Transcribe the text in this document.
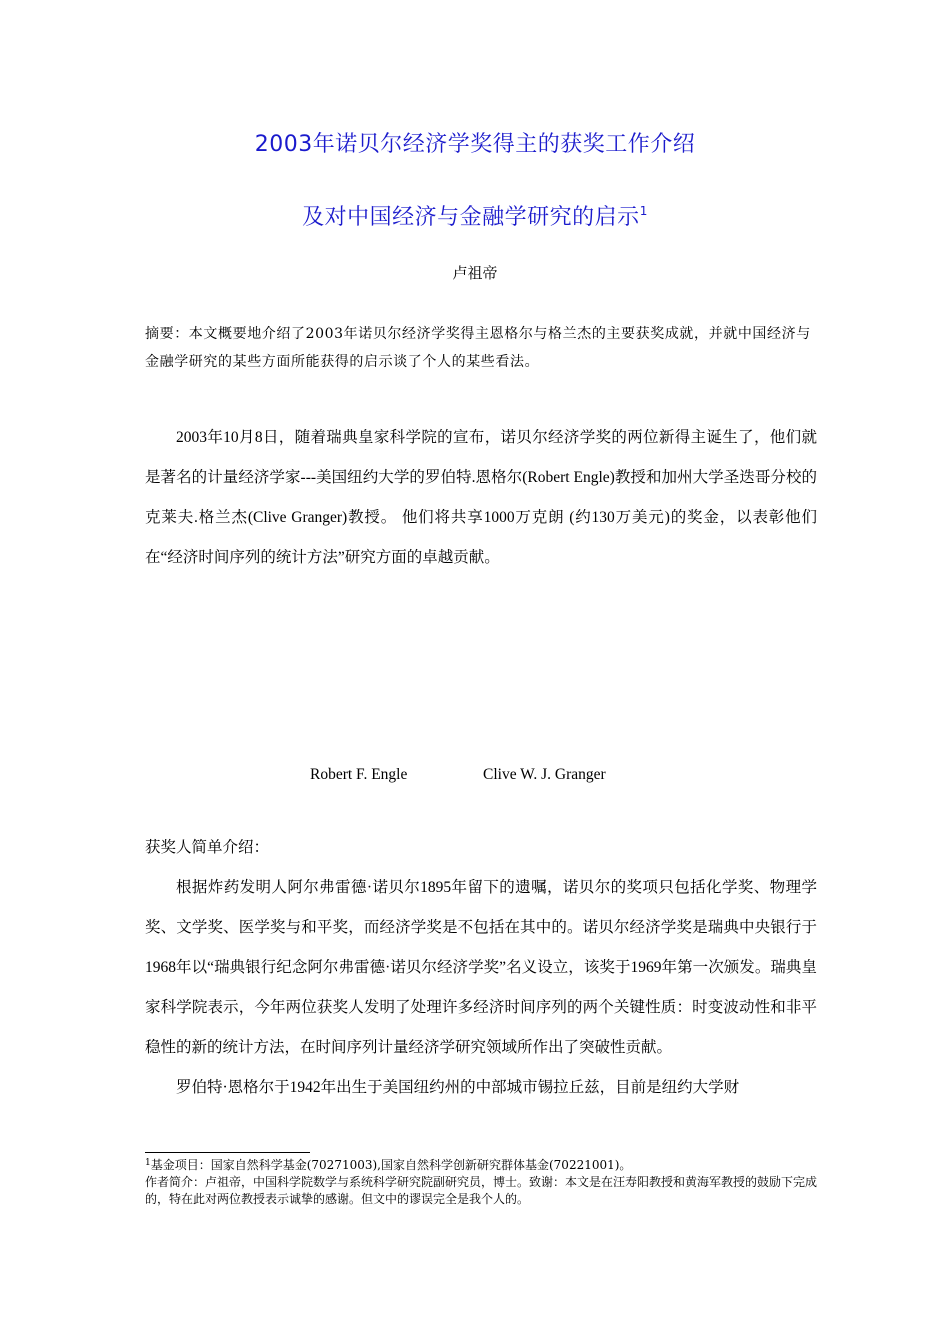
2003年诺贝尔经济学奖得主的获奖工作介绍
及对中国经济与金融学研究的启示$^1$
卢祖帝
摘要：本文概要地介绍了2003年诺贝尔经济学奖得主恩格尔与格兰杰的主要获奖成就，并就中国经济与金融学研究的某些方面所能获得的启示谈了个人的某些看法。

2003年10月8日，随着瑞典皇家科学院的宣布，诺贝尔经济学奖的两位新得主诞生了，他们就是著名的计量经济学家---美国纽约大学的罗伯特.恩格尔(Robert Engle)教授和加州大学圣迭哥分校的克莱夫.格兰杰(Clive Granger)教授。 他们将共享1000万克朗 (约130万美元)的奖金，以表彰他们在“经济时间序列的统计方法”研究方面的卓越贡献。

Robert F. Engle	Clive W. J. Granger

获奖人简单介绍：

根据炸药发明人阿尔弗雷德·诺贝尔1895年留下的遗嘱，诺贝尔的奖项只包括化学奖、物理学奖、文学奖、医学奖与和平奖，而经济学奖是不包括在其中的。诺贝尔经济学奖是瑞典中央银行于1968年以“瑞典银行纪念阿尔弗雷德·诺贝尔经济学奖”名义设立，该奖于1969年第一次颁发。瑞典皇家科学院表示，今年两位获奖人发明了处理许多经济时间序列的两个关键性质：时变波动性和非平稳性的新的统计方法，在时间序列计量经济学研究领域所作出了突破性贡献。

罗伯特·恩格尔于1942年出生于美国纽约州的中部城市锡拉丘兹，目前是纽约大学财

$^1$基金项目：国家自然科学基金(70271003),国家自然科学创新研究群体基金(70221001)。

作者简介：卢祖帝，中国科学院数学与系统科学研究院副研究员，博士。致谢：本文是在汪寿阳教授和黄海军教授的鼓励下完成的，特在此对两位教授表示诚挚的感谢。但文中的谬误完全是我个人的。
